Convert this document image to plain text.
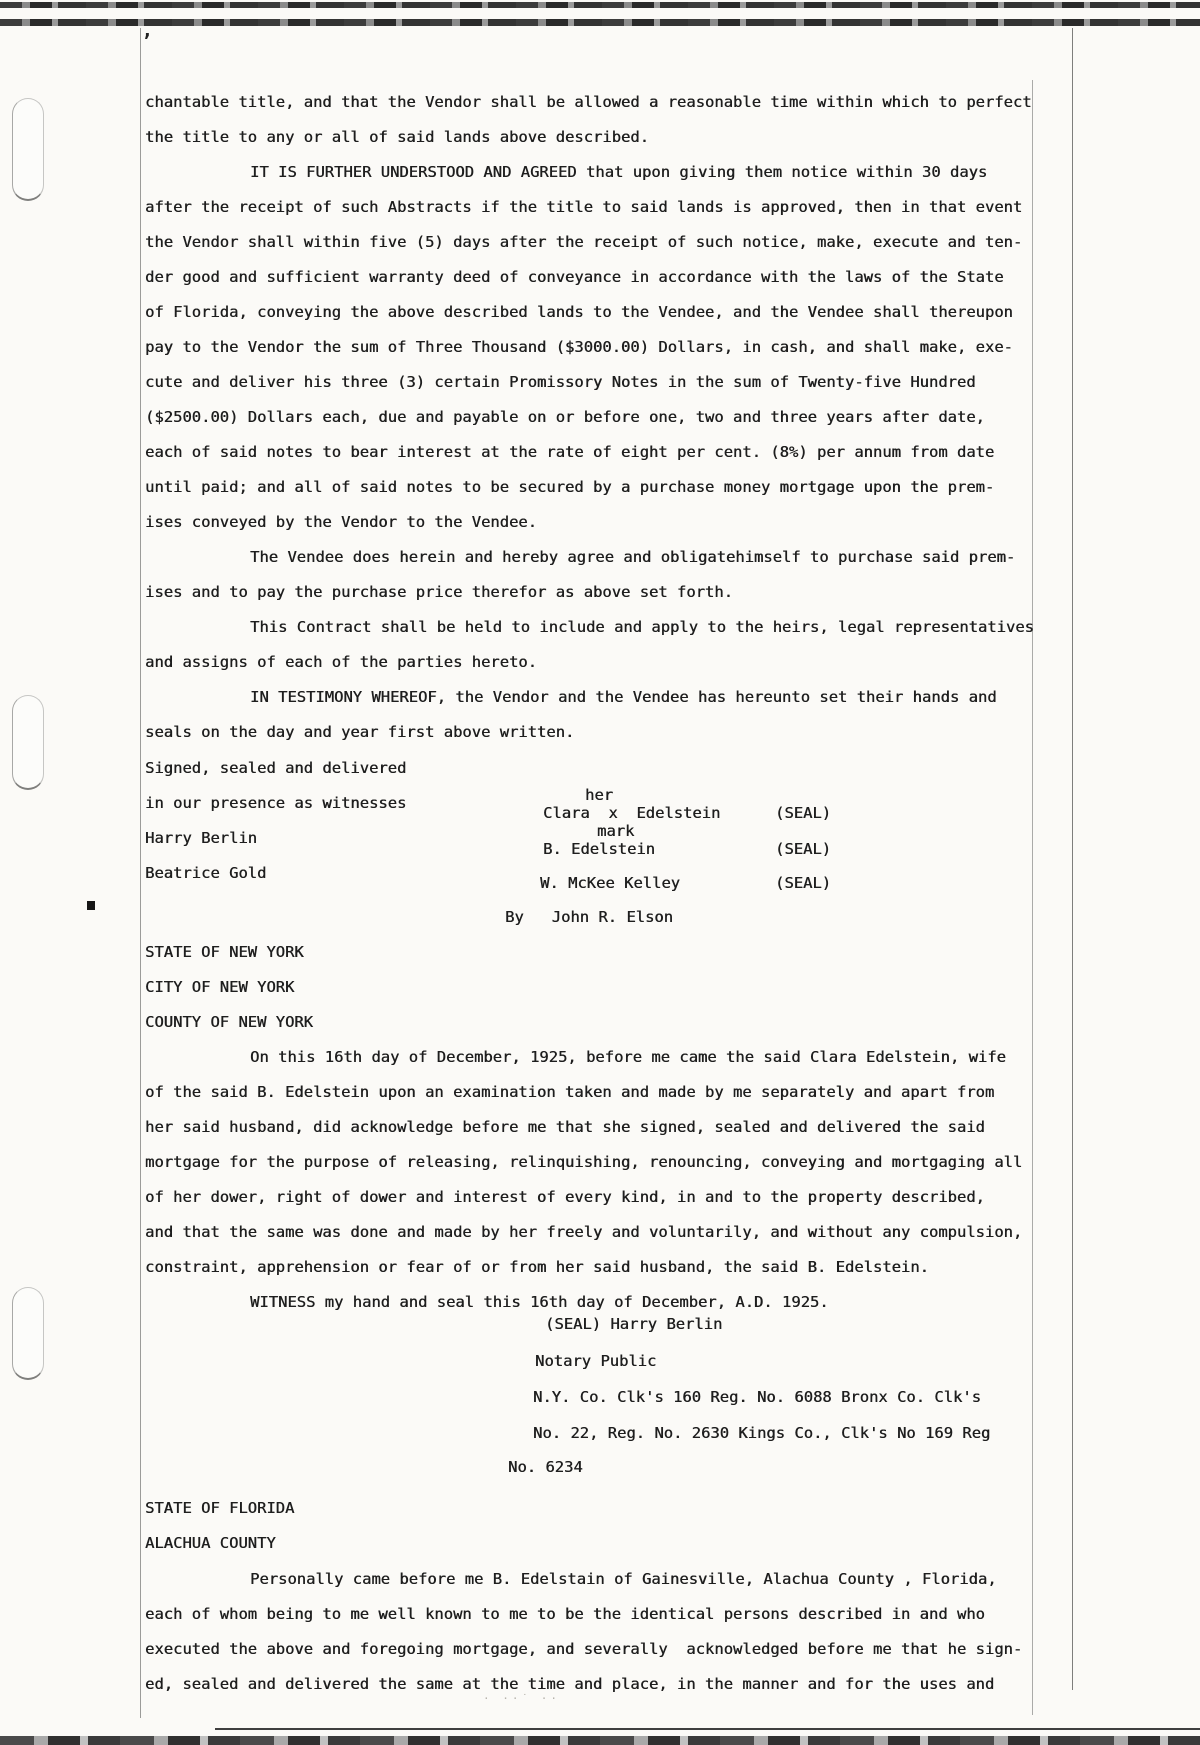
’
· ··˙ ··
chantable title, and that the Vendor shall be allowed a reasonable time within which to perfect
the title to any or all of said lands above described.
IT IS FURTHER UNDERSTOOD AND AGREED that upon giving them notice within 30 days
after the receipt of such Abstracts if the title to said lands is approved, then in that event
the Vendor shall within five (5) days after the receipt of such notice, make, execute and ten-
der good and sufficient warranty deed of conveyance in accordance with the laws of the State
of Florida, conveying the above described lands to the Vendee, and the Vendee shall thereupon
pay to the Vendor the sum of Three Thousand ($3000.00) Dollars, in cash, and shall make, exe-
cute and deliver his three (3) certain Promissory Notes in the sum of Twenty-five Hundred
($2500.00) Dollars each, due and payable on or before one, two and three years after date,
each of said notes to bear interest at the rate of eight per cent. (8%) per annum from date
until paid; and all of said notes to be secured by a purchase money mortgage upon the prem-
ises conveyed by the Vendor to the Vendee.
The Vendee does herein and hereby agree and obligatehimself to purchase said prem-
ises and to pay the purchase price therefor as above set forth.
This Contract shall be held to include and apply to the heirs, legal representatives
and assigns of each of the parties hereto.
IN TESTIMONY WHEREOF, the Vendor and the Vendee has hereunto set their hands and
seals on the day and year first above written.
Signed, sealed and delivered
in our presence as witnesses
Harry Berlin
Beatrice Gold
her
Clara  x  Edelstein	(SEAL)
mark
B. Edelstein	(SEAL)
W. McKee Kelley	(SEAL)
By   John R. Elson
STATE OF NEW YORK
CITY OF NEW YORK
COUNTY OF NEW YORK
On this 16th day of December, 1925, before me came the said Clara Edelstein, wife
of the said B. Edelstein upon an examination taken and made by me separately and apart from
her said husband, did acknowledge before me that she signed, sealed and delivered the said
mortgage for the purpose of releasing, relinquishing, renouncing, conveying and mortgaging all
of her dower, right of dower and interest of every kind, in and to the property described,
and that the same was done and made by her freely and voluntarily, and without any compulsion,
constraint, apprehension or fear of or from her said husband, the said B. Edelstein.
WITNESS my hand and seal this 16th day of December, A.D. 1925.
(SEAL) Harry Berlin
Notary Public
N.Y. Co. Clk's 160 Reg. No. 6088 Bronx Co. Clk's
No. 22, Reg. No. 2630 Kings Co., Clk's No 169 Reg
No. 6234
STATE OF FLORIDA
ALACHUA COUNTY
Personally came before me B. Edelstain of Gainesville, Alachua County , Florida,
each of whom being to me well known to me to be the identical persons described in and who
executed the above and foregoing mortgage, and severally  acknowledged before me that he sign-
ed, sealed and delivered the same at the time and place, in the manner and for the uses and
